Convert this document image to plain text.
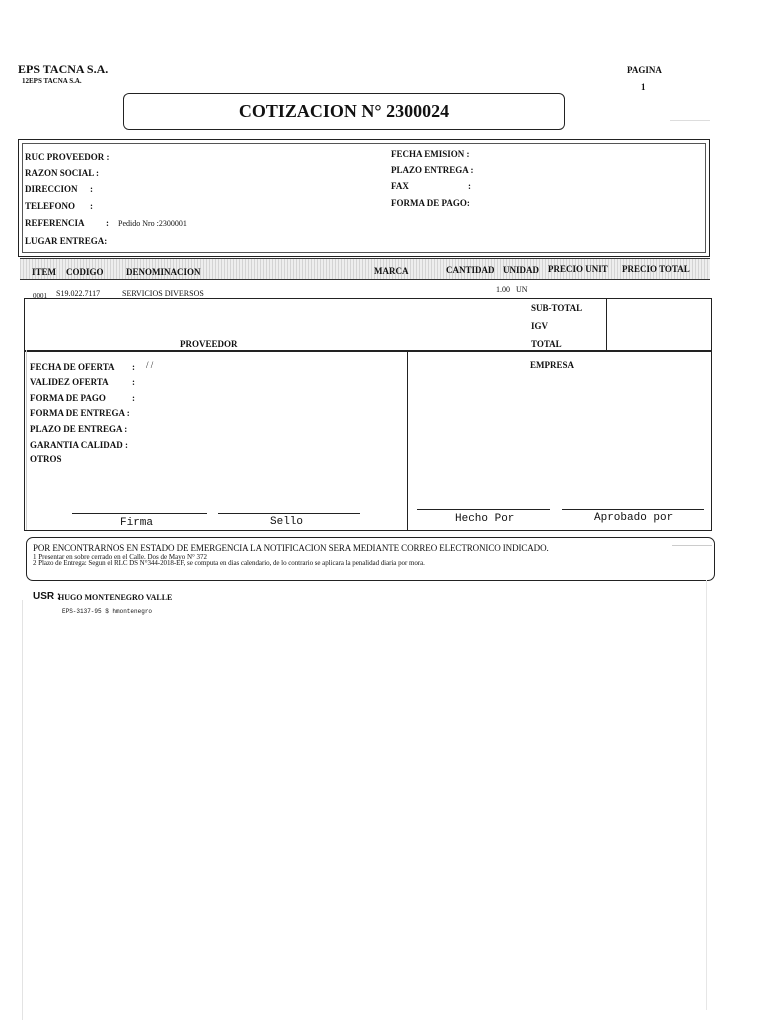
EPS TACNA S.A.
12EPS TACNA S.A.
PAGINA
1
COTIZACION N° 2300024
RUC PROVEEDOR :
RAZON SOCIAL :
DIRECCION :
TELEFONO :
REFERENCIA : Pedido Nro :2300001
LUGAR ENTREGA:
FECHA EMISION :
PLAZO ENTREGA :
FAX	:
FORMA DE PAGO:
ITEM CODIGO DENOMINACION	MARCA	CANTIDAD UNIDAD PRECIO UNIT PRECIO TOTAL
0001 S19.022.7117	SERVICIOS DIVERSOS	1.00 UN
SUB-TOTAL
IGV
TOTAL
PROVEEDOR
FECHA DE OFERTA : / /
VALIDEZ OFERTA	:
FORMA DE PAGO	:
FORMA DE ENTREGA :
PLAZO DE ENTREGA :
GARANTIA CALIDAD :
OTROS
EMPRESA
Firma	Sello	Hecho Por	Aprobado por
POR ENCONTRARNOS EN ESTADO DE EMERGENCIA LA NOTIFICACION SERA MEDIANTE CORREO ELECTRONICO INDICADO.
1 Presentar en sobre cerrado en el Calle. Dos de Mayo N° 372
2 Plazo de Entrega: Segun el RLC DS N°344-2018-EF, se computa en dias calendario, de lo contrario se aplicara la penalidad diaria por mora.
USR :
HUGO MONTENEGRO VALLE
EPS-3137-95 $ hmontenegro
